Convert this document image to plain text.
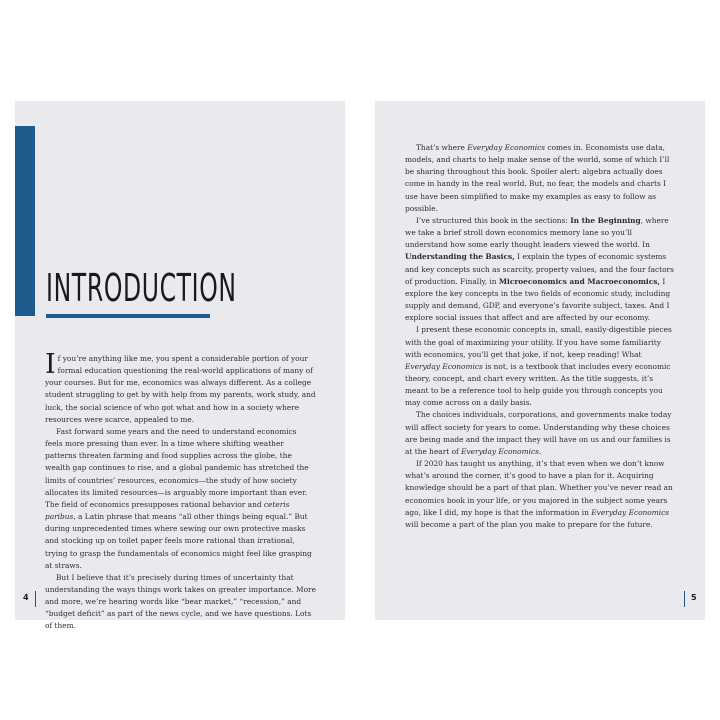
INTRODUCTION

If you’re anything like me, you spent a considerable portion of your formal education questioning the real-world applications of many of your courses. But for me, economics was always different. As a college student struggling to get by with help from my parents, work study, and luck, the social science of who got what and how in a society where resources were scarce, appealed to me.

Fast forward some years and the need to understand economics feels more pressing than ever. In a time where shifting weather patterns threaten farming and food supplies across the globe, the wealth gap continues to rise, and a global pandemic has stretched the limits of countries’ resources, economics—the study of how society allocates its limited resources—is arguably more important than ever. The field of economics presupposes rational behavior and ceteris paribus, a Latin phrase that means “all other things being equal.” But during unprecedented times where sewing our own protective masks and stocking up on toilet paper feels more rational than irrational, trying to grasp the fundamentals of economics might feel like grasping at straws.

But I believe that it’s precisely during times of uncertainty that understanding the ways things work takes on greater importance. More and more, we’re hearing words like “bear market,” “recession,” and “budget deficit” as part of the news cycle, and we have questions. Lots of them.

4

That’s where Everyday Economics comes in. Economists use data, models, and charts to help make sense of the world, some of which I’ll be sharing throughout this book. Spoiler alert: algebra actually does come in handy in the real world. But, no fear, the models and charts I use have been simplified to make my examples as easy to follow as possible.

I’ve structured this book in the sections: In the Beginning, where we take a brief stroll down economics memory lane so you’ll understand how some early thought leaders viewed the world. In Understanding the Basics, I explain the types of economic systems and key concepts such as scarcity, property values, and the four factors of production. Finally, in Microeconomics and Macroeconomics, I explore the key concepts in the two fields of economic study, including supply and demand, GDP, and everyone’s favorite subject, taxes. And I explore social issues that affect and are affected by our economy.

I present these economic concepts in, small, easily-digestible pieces with the goal of maximizing your utility. If you have some familiarity with economics, you’ll get that joke, if not, keep reading! What Everyday Economics is not, is a textbook that includes every economic theory, concept, and chart every written. As the title suggests, it’s meant to be a reference tool to help guide you through concepts you may come across on a daily basis.

The choices individuals, corporations, and governments make today will affect society for years to come. Understanding why these choices are being made and the impact they will have on us and our families is at the heart of Everyday Economics.

If 2020 has taught us anything, it’s that even when we don’t know what’s around the corner, it’s good to have a plan for it. Acquiring knowledge should be a part of that plan. Whether you’ve never read an economics book in your life, or you majored in the subject some years ago, like I did, my hope is that the information in Everyday Economics will become a part of the plan you make to prepare for the future.

5
